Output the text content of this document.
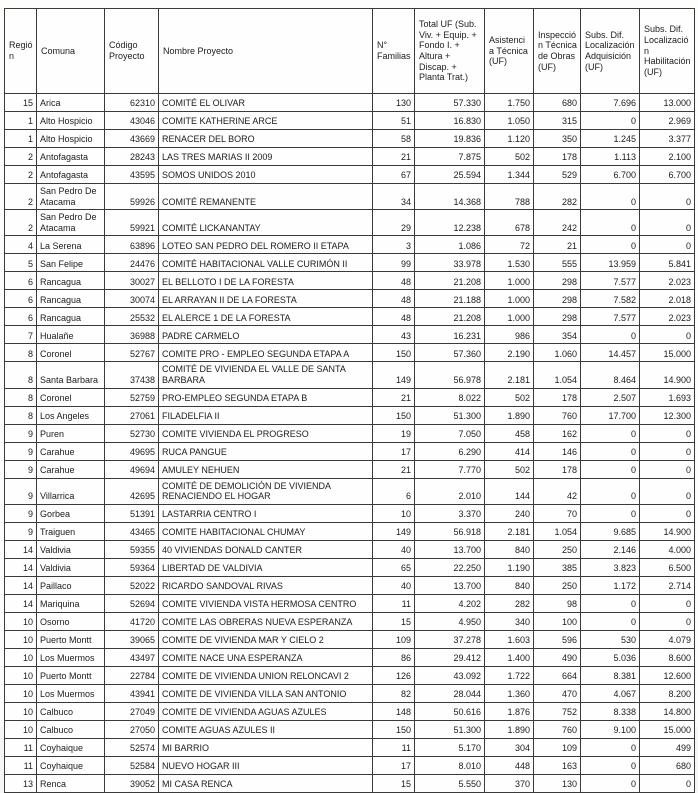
Región	Comuna	Código Proyecto	Nombre Proyecto	N° Familias	Total UF (Sub. Viv. + Equip. + Fondo I. + Altura + Discap. + Planta Trat.)	Asistencia Técnica (UF)	Inspección Técnica de Obras (UF)	Subs. Dif. Localización Adquisición (UF)	Subs. Dif. Localización Habilitación (UF)
15	Arica	62310	COMITÉ EL OLIVAR	130	57.330	1.750	680	7.696	13.000
1	Alto Hospicio	43046	COMITE KATHERINE ARCE	51	16.830	1.050	315	0	2.969
1	Alto Hospicio	43669	RENACER DEL BORO	58	19.836	1.120	350	1.245	3.377
2	Antofagasta	28243	LAS TRES MARIAS II 2009	21	7.875	502	178	1.113	2.100
2	Antofagasta	43595	SOMOS UNIDOS 2010	67	25.594	1.344	529	6.700	6.700
2	San Pedro De Atacama	59926	COMITÉ REMANENTE	34	14.368	788	282	0	0
2	San Pedro De Atacama	59921	COMITÉ LICKANANTAY	29	12.238	678	242	0	0
4	La Serena	63896	LOTEO SAN PEDRO DEL ROMERO II ETAPA	3	1.086	72	21	0	0
5	San Felipe	24476	COMITÉ HABITACIONAL VALLE CURIMÓN II	99	33.978	1.530	555	13.959	5.841
6	Rancagua	30027	EL BELLOTO I DE LA FORESTA	48	21.208	1.000	298	7.577	2.023
6	Rancagua	30074	EL ARRAYAN II DE LA FORESTA	48	21.188	1.000	298	7.582	2.018
6	Rancagua	25532	EL ALERCE 1 DE LA FORESTA	48	21.208	1.000	298	7.577	2.023
7	Hualañe	36988	PADRE CARMELO	43	16.231	986	354	0	0
8	Coronel	52767	COMITE PRO - EMPLEO SEGUNDA ETAPA A	150	57.360	2.190	1.060	14.457	15.000
8	Santa Barbara	37438	COMITÉ DE VIVIENDA EL VALLE DE SANTA BARBARA	149	56.978	2.181	1.054	8.464	14.900
8	Coronel	52759	PRO-EMPLEO SEGUNDA ETAPA B	21	8.022	502	178	2.507	1.693
8	Los Angeles	27061	FILADELFIA II	150	51.300	1.890	760	17.700	12.300
9	Puren	52730	COMITE VIVIENDA EL PROGRESO	19	7.050	458	162	0	0
9	Carahue	49695	RUCA PANGUE	17	6.290	414	146	0	0
9	Carahue	49694	AMULEY NEHUEN	21	7.770	502	178	0	0
9	Villarrica	42695	COMITÉ DE DEMOLICIÓN DE VIVIENDA RENACIENDO EL HOGAR	6	2.010	144	42	0	0
9	Gorbea	51391	LASTARRIA CENTRO I	10	3.370	240	70	0	0
9	Traiguen	43465	COMITE HABITACIONAL CHUMAY	149	56.918	2.181	1.054	9.685	14.900
14	Valdivia	59355	40 VIVIENDAS DONALD CANTER	40	13.700	840	250	2.146	4.000
14	Valdivia	59364	LIBERTAD DE VALDIVIA	65	22.250	1.190	385	3.823	6.500
14	Paillaco	52022	RICARDO SANDOVAL RIVAS	40	13.700	840	250	1.172	2.714
14	Mariquina	52694	COMITE VIVIENDA VISTA HERMOSA CENTRO	11	4.202	282	98	0	0
10	Osorno	41720	COMITE LAS OBRERAS NUEVA ESPERANZA	15	4.950	340	100	0	0
10	Puerto Montt	39065	COMITE DE VIVIENDA MAR Y CIELO 2	109	37.278	1.603	596	530	4.079
10	Los Muermos	43497	COMITE NACE UNA ESPERANZA	86	29.412	1.400	490	5.036	8.600
10	Puerto Montt	22784	COMITE DE VIVIENDA UNION RELONCAVI 2	126	43.092	1.722	664	8.381	12.600
10	Los Muermos	43941	COMITE DE VIVIENDA VILLA SAN ANTONIO	82	28.044	1.360	470	4.067	8.200
10	Calbuco	27049	COMITE DE VIVIENDA AGUAS AZULES	148	50.616	1.876	752	8.338	14.800
10	Calbuco	27050	COMITE AGUAS AZULES II	150	51.300	1.890	760	9.100	15.000
11	Coyhaique	52574	MI BARRIO	11	5.170	304	109	0	499
11	Coyhaique	52584	NUEVO HOGAR III	17	8.010	448	163	0	680
13	Renca	39052	MI CASA RENCA	15	5.550	370	130	0	0
